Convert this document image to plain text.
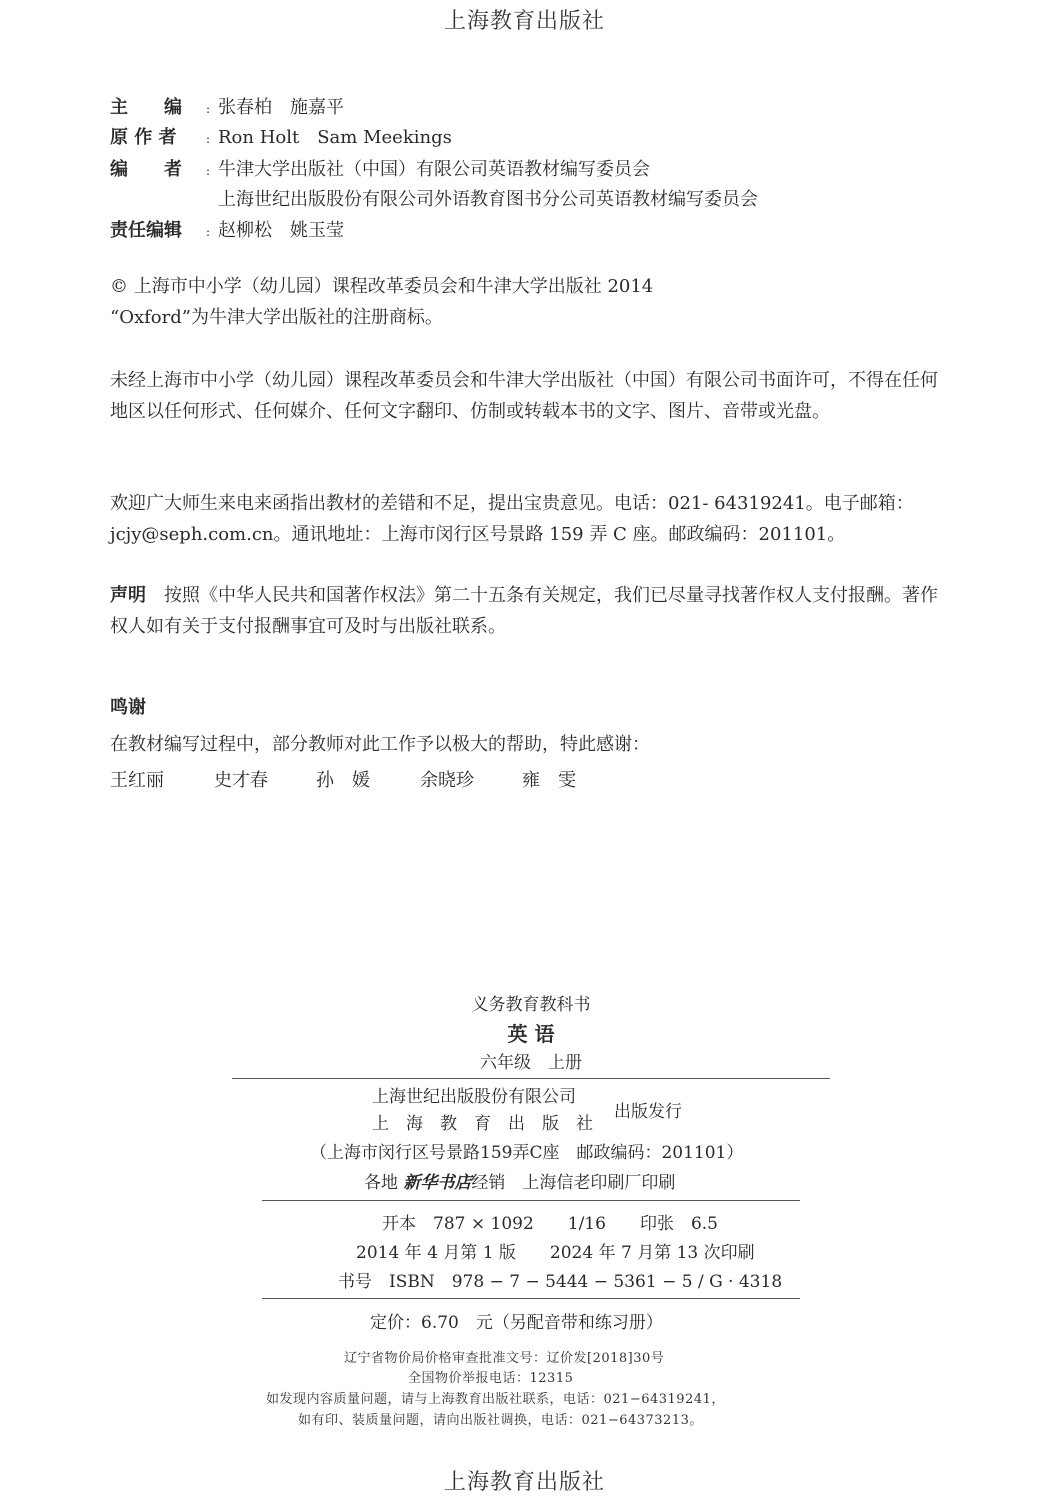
上海教育出版社
主　　编 : 张春柏　施嘉平
原 作 者 : Ron Holt　Sam Meekings
编　　者 : 牛津大学出版社（中国）有限公司英语教材编写委员会
上海世纪出版股份有限公司外语教育图书分公司英语教材编写委员会
责任编辑 : 赵柳松　姚玉莹
© 上海市中小学（幼儿园）课程改革委员会和牛津大学出版社 2014
“Oxford”为牛津大学出版社的注册商标。
未经上海市中小学（幼儿园）课程改革委员会和牛津大学出版社（中国）有限公司书面许可，不得在任何地区以任何形式、任何媒介、任何文字翻印、仿制或转载本书的文字、图片、音带或光盘。
欢迎广大师生来电来函指出教材的差错和不足，提出宝贵意见。电话：021- 64319241。电子邮箱：jcjy@seph.com.cn。通讯地址：上海市闵行区号景路 159 弄 C 座。邮政编码：201101。
声明　 按照《中华人民共和国著作权法》第二十五条有关规定，我们已尽量寻找著作权人支付报酬。著作权人如有关于支付报酬事宜可及时与出版社联系。
鸣谢
在教材编写过程中，部分教师对此工作予以极大的帮助，特此感谢：
王红丽	史才春	孙　媛	余晓珍	雍　雯
义务教育教科书
英 语
六年级　上册
上海世纪出版股份有限公司
上　海　教　育　出　版　社
出版发行
（上海市闵行区号景路159弄C座　邮政编码：201101）
各地 新华书店经销　上海信老印刷厂印刷
开本　787 × 1092　　1/16　　印张　6.5
2014 年 4 月第 1 版　　2024 年 7 月第 13 次印刷
书号　ISBN　978 − 7 − 5444 − 5361 − 5 / G · 4318
定价：6.70　元（另配音带和练习册）
辽宁省物价局价格审查批准文号：辽价发[2018]30号
全国物价举报电话：12315
如发现内容质量问题，请与上海教育出版社联系，电话：021−64319241，
如有印、装质量问题，请向出版社调换，电话：021−64373213。
上海教育出版社
